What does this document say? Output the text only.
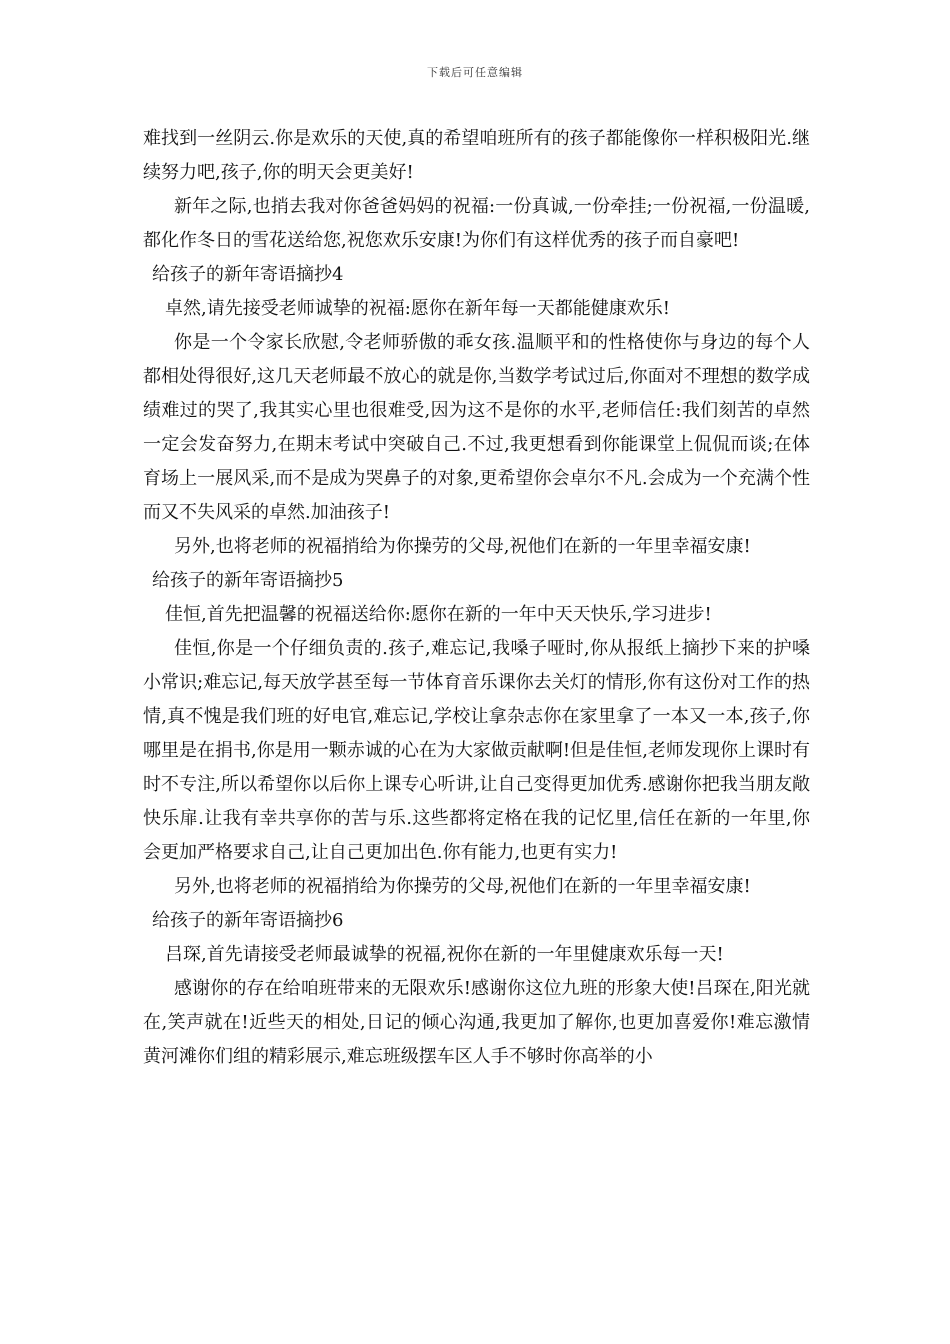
下载后可任意编辑

难找到一丝阴云.你是欢乐的天使,真的希望咱班所有的孩子都能像你一样积极阳光.继续努力吧,孩子,你的明天会更美好!

新年之际,也捎去我对你爸爸妈妈的祝福:一份真诚,一份牵挂;一份祝福,一份温暖,都化作冬日的雪花送给您,祝您欢乐安康!为你们有这样优秀的孩子而自豪吧!

给孩子的新年寄语摘抄4

卓然,请先接受老师诚挚的祝福:愿你在新年每一天都能健康欢乐!

你是一个令家长欣慰,令老师骄傲的乖女孩.温顺平和的性格使你与身边的每个人都相处得很好,这几天老师最不放心的就是你,当数学考试过后,你面对不理想的数学成绩难过的哭了,我其实心里也很难受,因为这不是你的水平,老师信任:我们刻苦的卓然一定会发奋努力,在期末考试中突破自己.不过,我更想看到你能课堂上侃侃而谈;在体育场上一展风采,而不是成为哭鼻子的对象,更希望你会卓尔不凡.会成为一个充满个性而又不失风采的卓然.加油孩子!

另外,也将老师的祝福捎给为你操劳的父母,祝他们在新的一年里幸福安康!

给孩子的新年寄语摘抄5

佳恒,首先把温馨的祝福送给你:愿你在新的一年中天天快乐,学习进步!

佳恒,你是一个仔细负责的.孩子,难忘记,我嗓子哑时,你从报纸上摘抄下来的护嗓小常识;难忘记,每天放学甚至每一节体育音乐课你去关灯的情形,你有这份对工作的热情,真不愧是我们班的好电官,难忘记,学校让拿杂志你在家里拿了一本又一本,孩子,你哪里是在捐书,你是用一颗赤诚的心在为大家做贡献啊!但是佳恒,老师发现你上课时有时不专注,所以希望你以后你上课专心听讲,让自己变得更加优秀.感谢你把我当朋友敞快乐扉.让我有幸共享你的苦与乐.这些都将定格在我的记忆里,信任在新的一年里,你会更加严格要求自己,让自己更加出色.你有能力,也更有实力!

另外,也将老师的祝福捎给为你操劳的父母,祝他们在新的一年里幸福安康!

给孩子的新年寄语摘抄6

吕琛,首先请接受老师最诚挚的祝福,祝你在新的一年里健康欢乐每一天!

感谢你的存在给咱班带来的无限欢乐!感谢你这位九班的形象大使!吕琛在,阳光就在,笑声就在!近些天的相处,日记的倾心沟通,我更加了解你,也更加喜爱你!难忘激情黄河滩你们组的精彩展示,难忘班级摆车区人手不够时你高举的小
